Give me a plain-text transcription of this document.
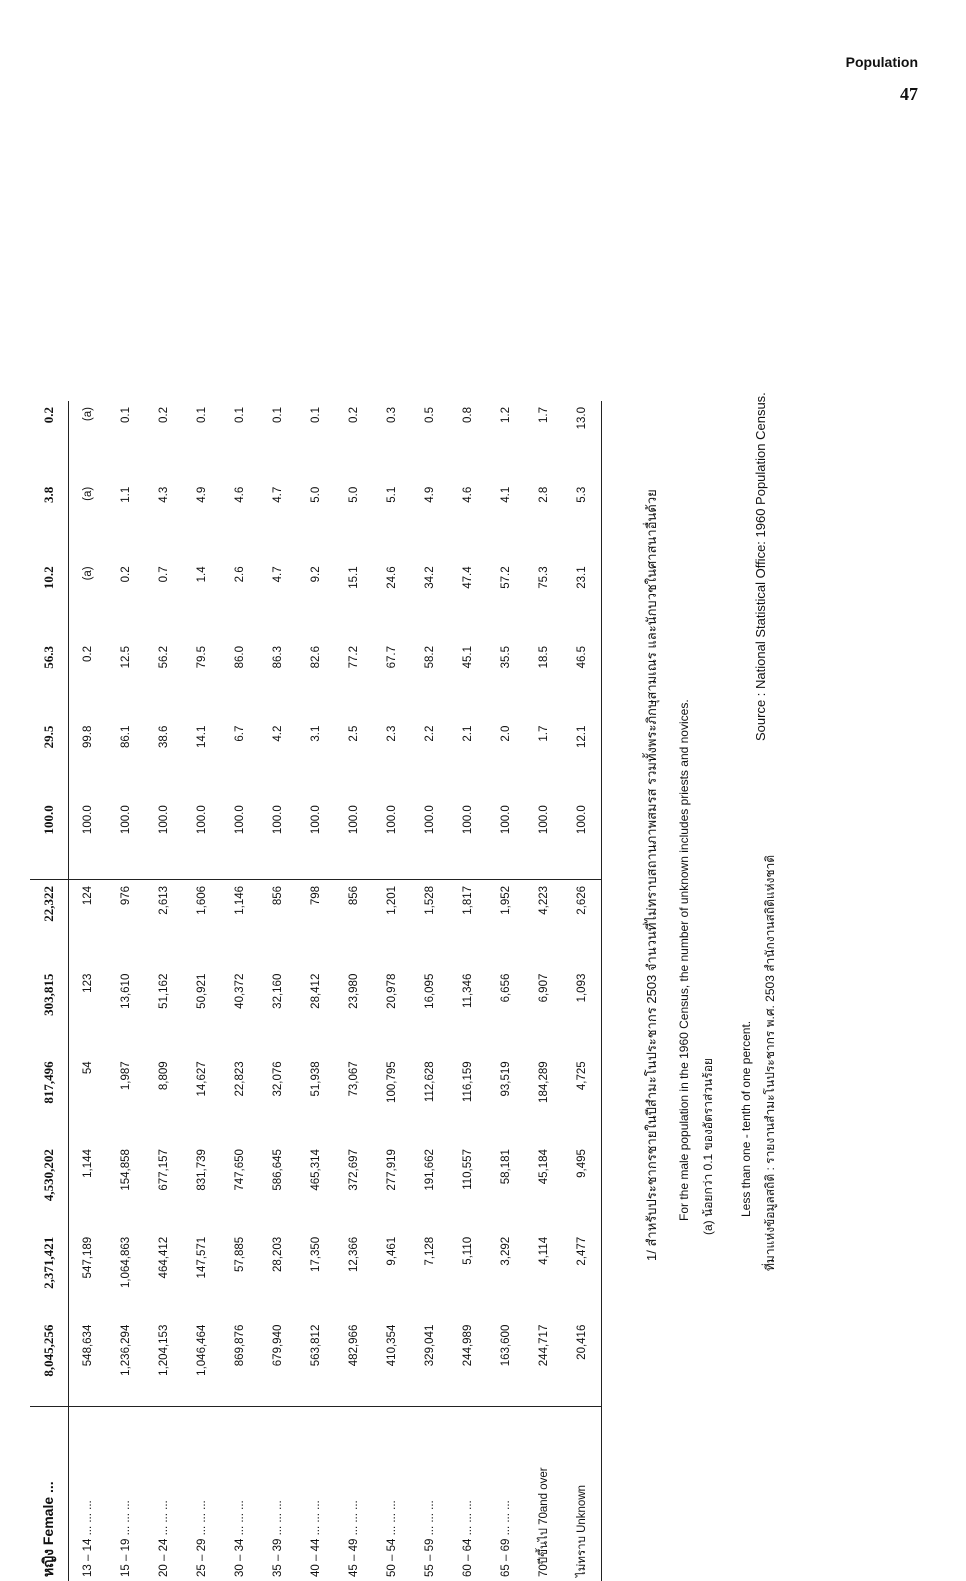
Population
47
หญิง Female ...	8,045,256	2,371,421	4,530,202	817,496	303,815	22,322	100.0	29.5	56.3	10.2	3.8	0.2
13 – 14 ... ... ...	548,634	547,189	1,144	54	123	124	100.0	99.8	0.2	(a)	(a)	(a)
15 – 19 ... ... ...	1,236,294	1,064,863	154,858	1,987	13,610	976	100.0	86.1	12.5	0.2	1.1	0.1
20 – 24 ... ... ...	1,204,153	464,412	677,157	8,809	51,162	2,613	100.0	38.6	56.2	0.7	4.3	0.2
25 – 29 ... ... ...	1,046,464	147,571	831,739	14,627	50,921	1,606	100.0	14.1	79.5	1.4	4.9	0.1
30 – 34 ... ... ...	869,876	57,885	747,650	22,823	40,372	1,146	100.0	6.7	86.0	2.6	4.6	0.1
35 – 39 ... ... ...	679,940	28,203	586,645	32,076	32,160	856	100.0	4.2	86.3	4.7	4.7	0.1
40 – 44 ... ... ...	563,812	17,350	465,314	51,938	28,412	798	100.0	3.1	82.6	9.2	5.0	0.1
45 – 49 ... ... ...	482,966	12,366	372,697	73,067	23,980	856	100.0	2.5	77.2	15.1	5.0	0.2
50 – 54 ... ... ...	410,354	9,461	277,919	100,795	20,978	1,201	100.0	2.3	67.7	24.6	5.1	0.3
55 – 59 ... ... ...	329,041	7,128	191,662	112,628	16,095	1,528	100.0	2.2	58.2	34.2	4.9	0.5
60 – 64 ... ... ...	244,989	5,110	110,557	116,159	11,346	1,817	100.0	2.1	45.1	47.4	4.6	0.8
65 – 69 ... ... ...	163,600	3,292	58,181	93,519	6,656	1,952	100.0	2.0	35.5	57.2	4.1	1.2
70ปีขึ้นไป 70and over	244,717	4,114	45,184	184,289	6,907	4,223	100.0	1.7	18.5	75.3	2.8	1.7
ไม่ทราบ Unknown	20,416	2,477	9,495	4,725	1,093	2,626	100.0	12.1	46.5	23.1	5.3	13.0
1/ สำหรับประชากรชายในปีสำมะโนประชากร 2503 จำนวนที่ไม่ทราบสถานภาพสมรส รวมทั้งพระภิกษุสามเณร และนักบวชในศาสนาอื่นด้วย For the male population in the 1960 Census, the number of unknown includes priests and novices. (a) น้อยกว่า 0.1 ของอัตราส่วนร้อย Less than one - tenth of one percent. ที่มาแห่งข้อมูลสถิติ : รายงานสำมะโนประชากร พ.ศ. 2503 สำนักงานสถิติแห่งชาติ
Source : National Statistical Office: 1960 Population Census.
